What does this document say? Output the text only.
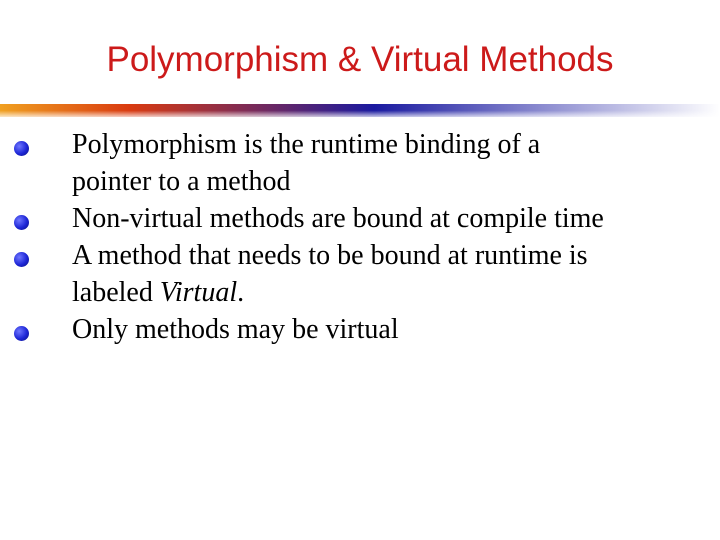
Polymorphism & Virtual Methods
Polymorphism is the runtime binding of a
pointer to a method
Non-virtual methods are bound at compile time
A method that needs to be bound at runtime is
labeled Virtual.
Only methods may be virtual
